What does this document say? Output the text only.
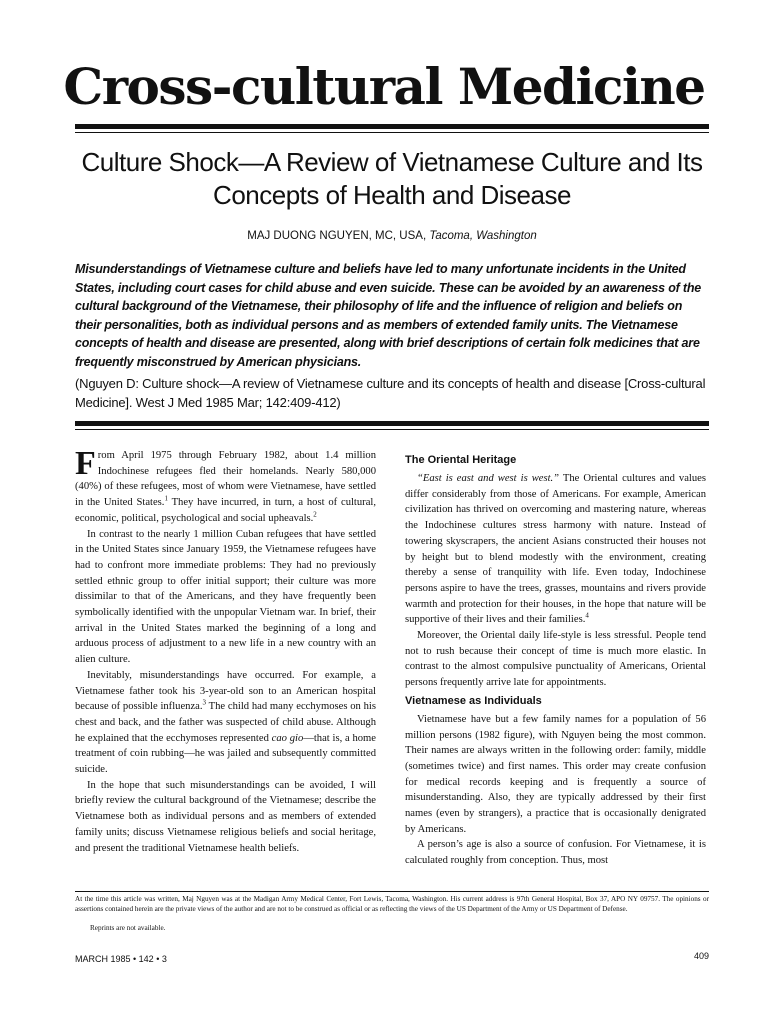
Cross-cultural Medicine
Culture Shock—A Review of Vietnamese Culture and Its Concepts of Health and Disease
MAJ DUONG NGUYEN, MC, USA, Tacoma, Washington

Misunderstandings of Vietnamese culture and beliefs have led to many unfortunate incidents in the United States, including court cases for child abuse and even suicide. These can be avoided by an awareness of the cultural background of the Vietnamese, their philosophy of life and the influence of religion and beliefs on their personalities, both as individual persons and as members of extended family units. The Vietnamese concepts of health and disease are presented, along with brief descriptions of certain folk medicines that are frequently misconstrued by American physicians.

(Nguyen D: Culture shock—A review of Vietnamese culture and its concepts of health and disease [Cross-cultural Medicine]. West J Med 1985 Mar; 142:409-412)

From April 1975 through February 1982, about 1.4 million Indochinese refugees fled their homelands. Nearly 580,000 (40%) of these refugees, most of whom were Vietnamese, have settled in the United States.$^1$ They have incurred, in turn, a host of cultural, economic, political, psychological and social upheavals.$^2$

In contrast to the nearly 1 million Cuban refugees that have settled in the United States since January 1959, the Vietnamese refugees have had to confront more immediate problems: They had no previously settled ethnic group to offer initial support; their culture was more dissimilar to that of the Americans, and they have frequently been symbolically identified with the unpopular Vietnam war. In brief, their arrival in the United States marked the beginning of a long and arduous process of adjustment to a new life in a new country with an alien culture.

Inevitably, misunderstandings have occurred. For example, a Vietnamese father took his 3-year-old son to an American hospital because of possible influenza.$^3$ The child had many ecchymoses on his chest and back, and the father was suspected of child abuse. Although he explained that the ecchymoses represented cao gio—that is, a home treatment of coin rubbing—he was jailed and subsequently committed suicide.

In the hope that such misunderstandings can be avoided, I will briefly review the cultural background of the Vietnamese; describe the Vietnamese both as individual persons and as members of extended family units; discuss Vietnamese religious beliefs and social heritage, and present the traditional Vietnamese health beliefs.

The Oriental Heritage

“East is east and west is west.” The Oriental cultures and values differ considerably from those of Americans. For example, American civilization has thrived on overcoming and mastering nature, whereas the Indochinese cultures stress harmony with nature. Instead of towering skyscrapers, the ancient Asians constructed their houses not by height but to blend modestly with the environment, creating thereby a sense of tranquility with life. Even today, Indochinese persons aspire to have the trees, grasses, mountains and rivers provide warmth and protection for their houses, in the hope that nature will be supportive of their lives and their families.$^4$

Moreover, the Oriental daily life-style is less stressful. People tend not to rush because their concept of time is much more elastic. In contrast to the almost compulsive punctuality of Americans, Oriental persons frequently arrive late for appointments.

Vietnamese as Individuals

Vietnamese have but a few family names for a population of 56 million persons (1982 figure), with Nguyen being the most common. Their names are always written in the following order: family, middle (sometimes twice) and first names. This order may create confusion for medical records keeping and is frequently a source of misunderstanding. Also, they are typically addressed by their first names (even by strangers), a practice that is occasionally denigrated by Americans.

A person’s age is also a source of confusion. For Vietnamese, it is calculated roughly from conception. Thus, most

At the time this article was written, Maj Nguyen was at the Madigan Army Medical Center, Fort Lewis, Tacoma, Washington. His current address is 97th General Hospital, Box 37, APO NY 09757. The opinions or assertions contained herein are the private views of the author and are not to be construed as official or as reflecting the views of the US Department of the Army or US Department of Defense.

Reprints are not available.
MARCH 1985 • 142 • 3	409
